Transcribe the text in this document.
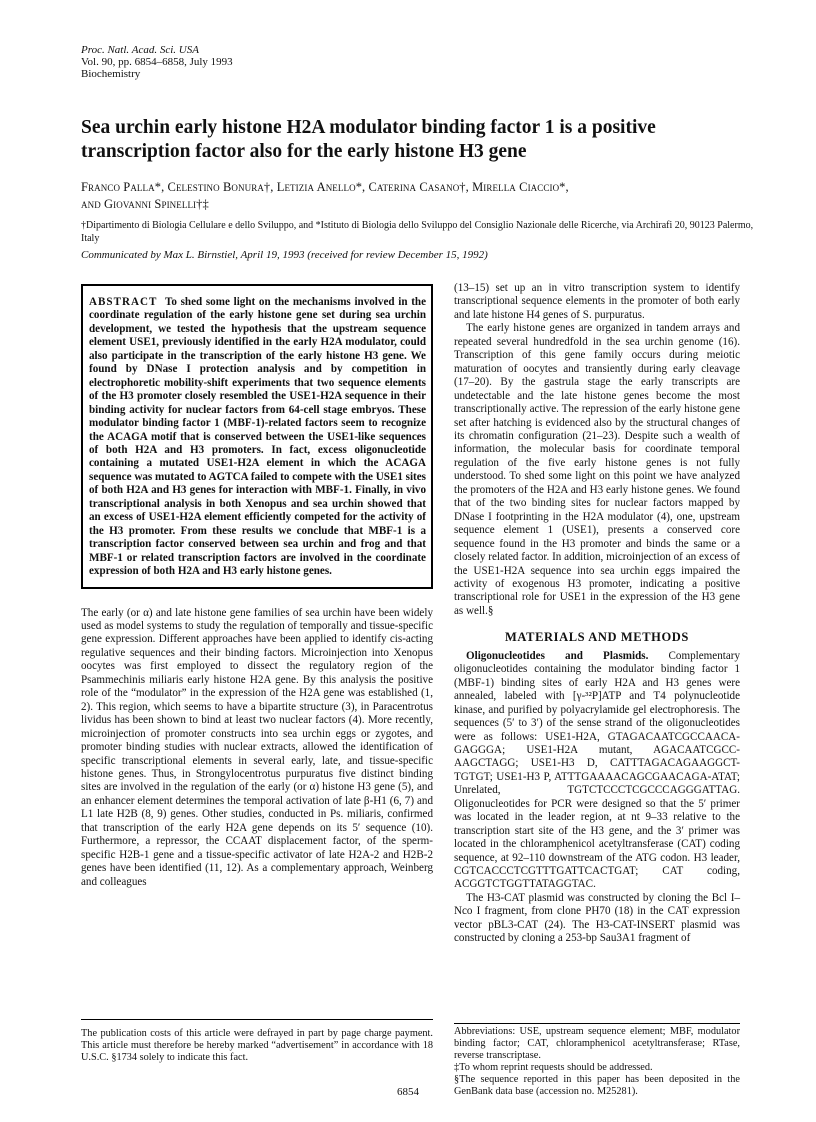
Proc. Natl. Acad. Sci. USA
Vol. 90, pp. 6854–6858, July 1993
Biochemistry
Sea urchin early histone H2A modulator binding factor 1 is a positive transcription factor also for the early histone H3 gene
Franco Palla*, Celestino Bonura†, Letizia Anello*, Caterina Casano†, Mirella Ciaccio*,
and Giovanni Spinelli†‡

†Dipartimento di Biologia Cellulare e dello Sviluppo, and *Istituto di Biologia dello Sviluppo del Consiglio Nazionale delle Ricerche, via Archirafi 20, 90123 Palermo, Italy

Communicated by Max L. Birnstiel, April 19, 1993 (received for review December 15, 1992)

ABSTRACT To shed some light on the mechanisms involved in the coordinate regulation of the early histone gene set during sea urchin development, we tested the hypothesis that the upstream sequence element USE1, previously identified in the early H2A modulator, could also participate in the transcription of the early histone H3 gene. We found by DNase I protection analysis and by competition in electrophoretic mobility-shift experiments that two sequence elements of the H3 promoter closely resembled the USE1-H2A sequence in their binding activity for nuclear factors from 64-cell stage embryos. These modulator binding factor 1 (MBF-1)-related factors seem to recognize the ACAGA motif that is conserved between the USE1-like sequences of both H2A and H3 promoters. In fact, excess oligonucleotide containing a mutated USE1-H2A element in which the ACAGA sequence was mutated to AGTCA failed to compete with the USE1 sites of both H2A and H3 genes for interaction with MBF-1. Finally, in vivo transcriptional analysis in both Xenopus and sea urchin showed that an excess of USE1-H2A element efficiently competed for the activity of the H3 promoter. From these results we conclude that MBF-1 is a transcription factor conserved between sea urchin and frog and that MBF-1 or related transcription factors are involved in the coordinate expression of both H2A and H3 early histone genes.

The early (or α) and late histone gene families of sea urchin have been widely used as model systems to study the regulation of temporally and tissue-specific gene expression. Different approaches have been applied to identify cis-acting regulative sequences and their binding factors. Microinjection into Xenopus oocytes was first employed to dissect the regulatory region of the Psammechinis miliaris early histone H2A gene. By this analysis the positive role of the “modulator” in the expression of the H2A gene was established (1, 2). This region, which seems to have a bipartite structure (3), in Paracentrotus lividus has been shown to bind at least two nuclear factors (4). More recently, microinjection of promoter constructs into sea urchin eggs or zygotes, and promoter binding studies with nuclear extracts, allowed the identification of specific transcriptional elements in several early, late, and tissue-specific histone genes. Thus, in Strongylocentrotus purpuratus five distinct binding sites are involved in the regulation of the early (or α) histone H3 gene (5), and an enhancer element determines the temporal activation of late β-H1 (6, 7) and L1 late H2B (8, 9) genes. Other studies, conducted in Ps. miliaris, confirmed that transcription of the early H2A gene depends on its 5′ sequence (10). Furthermore, a repressor, the CCAAT displacement factor, of the sperm-specific H2B-1 gene and a tissue-specific activator of late H2A-2 and H2B-2 genes have been identified (11, 12). As a complementary approach, Weinberg and colleagues

(13–15) set up an in vitro transcription system to identify transcriptional sequence elements in the promoter of both early and late histone H4 genes of S. purpuratus.

The early histone genes are organized in tandem arrays and repeated several hundredfold in the sea urchin genome (16). Transcription of this gene family occurs during meiotic maturation of oocytes and transiently during early cleavage (17–20). By the gastrula stage the early transcripts are undetectable and the late histone genes become the most transcriptionally active. The repression of the early histone gene set after hatching is evidenced also by the structural changes of its chromatin configuration (21–23). Despite such a wealth of information, the molecular basis for coordinate temporal regulation of the five early histone genes is not fully understood. To shed some light on this point we have analyzed the promoters of the H2A and H3 early histone genes. We found that of the two binding sites for nuclear factors mapped by DNase I footprinting in the H2A modulator (4), one, upstream sequence element 1 (USE1), presents a conserved core sequence found in the H3 promoter and binds the same or a closely related factor. In addition, microinjection of an excess of the USE1-H2A sequence into sea urchin eggs impaired the activity of exogenous H3 promoter, indicating a positive transcriptional role for USE1 in the expression of the H3 gene as well.§

MATERIALS AND METHODS

Oligonucleotides and Plasmids. Complementary oligonucleotides containing the modulator binding factor 1 (MBF-1) binding sites of early H2A and H3 genes were annealed, labeled with [γ-³²P]ATP and T4 polynucleotide kinase, and purified by polyacrylamide gel electrophoresis. The sequences (5′ to 3′) of the sense strand of the oligonucleotides were as follows: USE1-H2A, GTAGACAATCGCCAACA-GAGGGA; USE1-H2A mutant, AGACAATCGCC-AAGCTAGG; USE1-H3 D, CATTTAGACAGAAGGCT-TGTGT; USE1-H3 P, ATTTGAAAACAGCGAACAGA-ATAT; Unrelated, TGTCTCCCTCGCCCAGGGATTAG. Oligonucleotides for PCR were designed so that the 5′ primer was located in the leader region, at nt 9–33 relative to the transcription start site of the H3 gene, and the 3′ primer was located in the chloramphenicol acetyltransferase (CAT) coding sequence, at 92–110 downstream of the ATG codon. H3 leader, CGTCACCCTCGTTTGATTCACTGAT; CAT coding, ACGGTCTGGTTATAGGTAC.

The H3-CAT plasmid was constructed by cloning the Bcl I–Nco I fragment, from clone PH70 (18) in the CAT expression vector pBL3-CAT (24). The H3-CAT-INSERT plasmid was constructed by cloning a 253-bp Sau3A1 fragment of

The publication costs of this article were defrayed in part by page charge payment. This article must therefore be hereby marked “advertisement” in accordance with 18 U.S.C. §1734 solely to indicate this fact.

Abbreviations: USE, upstream sequence element; MBF, modulator binding factor; CAT, chloramphenicol acetyltransferase; RTase, reverse transcriptase.

‡To whom reprint requests should be addressed.

§The sequence reported in this paper has been deposited in the GenBank data base (accession no. M25281).

6854
